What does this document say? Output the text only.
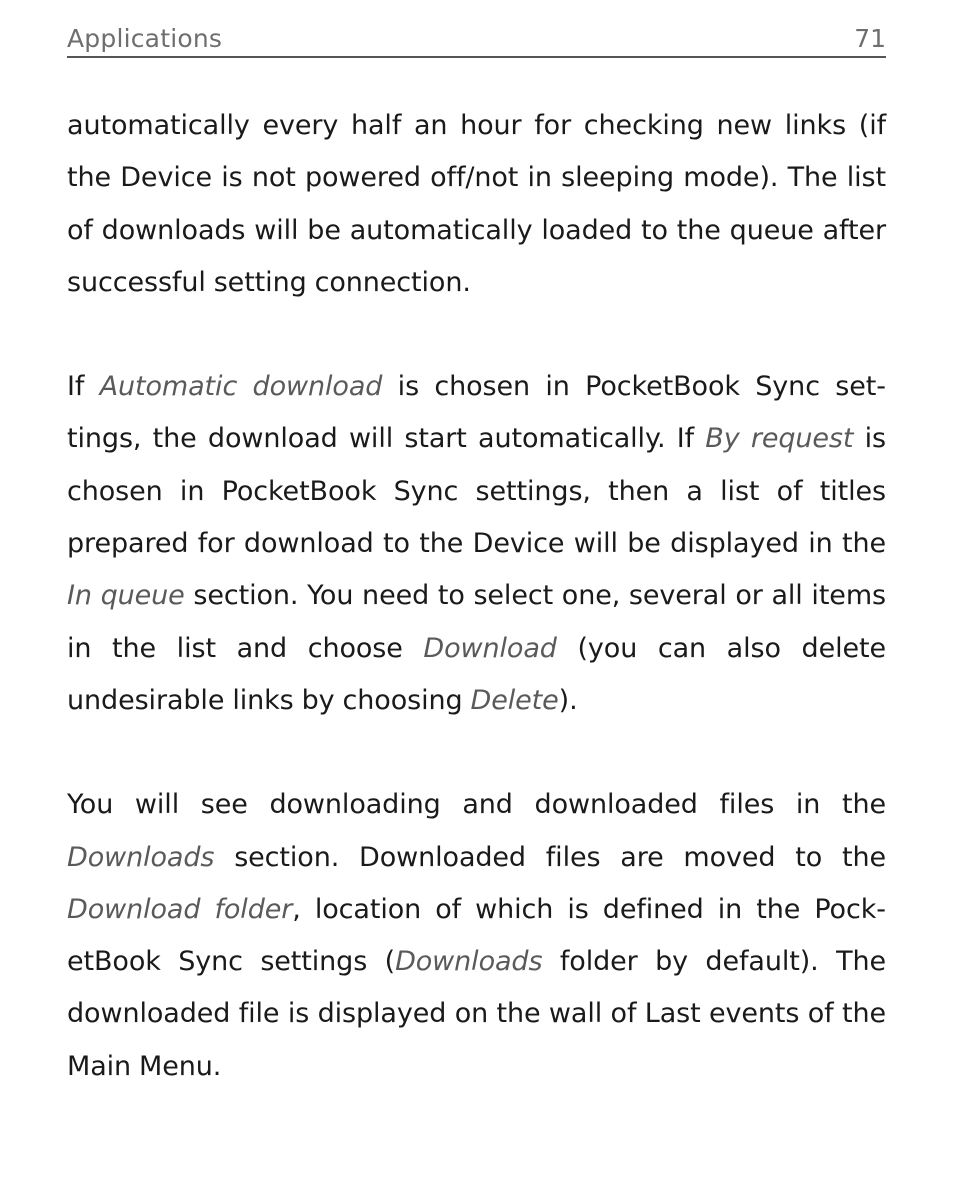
Applications	71

automatically every half an hour for checking new links (if the Device is not powered off/not in sleeping mode). The list of downloads will be automatically loaded to the queue after successful setting connection.

If Automatic download is chosen in PocketBook Sync settings, the download will start automatically. If By request is chosen in PocketBook Sync settings, then a list of titles prepared for download to the Device will be displayed in the In queue section. You need to select one, several or all items in the list and choose Download (you can also delete undesirable links by choosing Delete).

You will see downloading and downloaded files in the Downloads section. Downloaded files are moved to the Download folder, location of which is defined in the PocketBook Sync settings (Downloads folder by default). The downloaded file is displayed on the wall of Last events of the Main Menu.
